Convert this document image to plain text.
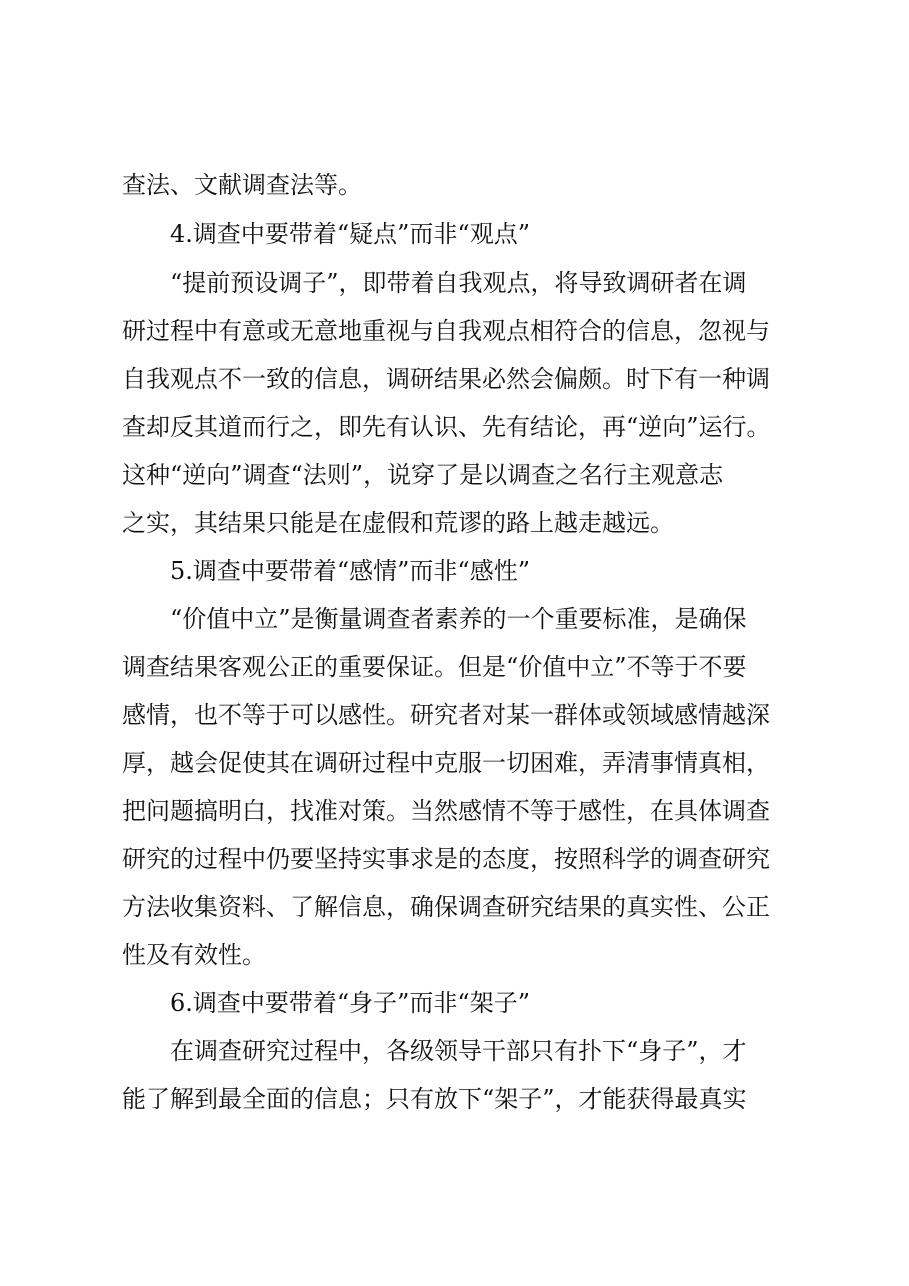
查法、文献调查法等。

4.调查中要带着“疑点”而非“观点”

“提前预设调子”，即带着自我观点，将导致调研者在调

研过程中有意或无意地重视与自我观点相符合的信息，忽视与

自我观点不一致的信息，调研结果必然会偏颇。时下有一种调

查却反其道而行之，即先有认识、先有结论，再“逆向”运行。

这种“逆向”调查“法则”，说穿了是以调查之名行主观意志

之实，其结果只能是在虚假和荒谬的路上越走越远。

5.调查中要带着“感情”而非“感性”

“价值中立”是衡量调查者素养的一个重要标准，是确保

调查结果客观公正的重要保证。但是“价值中立”不等于不要

感情，也不等于可以感性。研究者对某一群体或领域感情越深

厚，越会促使其在调研过程中克服一切困难，弄清事情真相，

把问题搞明白，找准对策。当然感情不等于感性，在具体调查

研究的过程中仍要坚持实事求是的态度，按照科学的调查研究

方法收集资料、了解信息，确保调查研究结果的真实性、公正

性及有效性。

6.调查中要带着“身子”而非“架子”

在调查研究过程中，各级领导干部只有扑下“身子”，才

能了解到最全面的信息；只有放下“架子”，才能获得最真实
